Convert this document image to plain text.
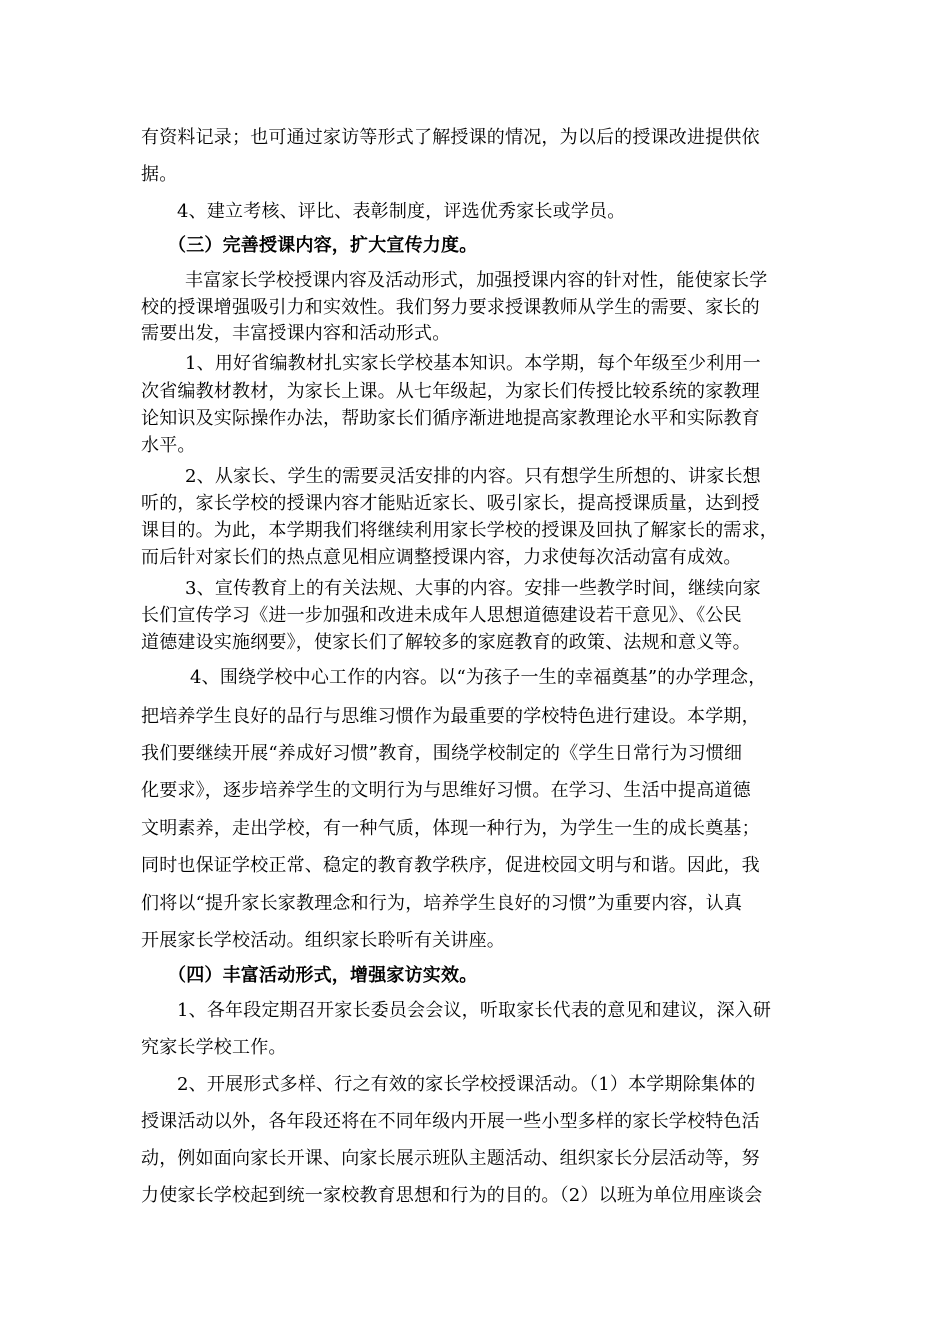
有资料记录；也可通过家访等形式了解授课的情况，为以后的授课改进提供依
据。
4、建立考核、评比、表彰制度，评选优秀家长或学员。
（三）完善授课内容，扩大宣传力度。
丰富家长学校授课内容及活动形式，加强授课内容的针对性，能使家长学
校的授课增强吸引力和实效性。我们努力要求授课教师从学生的需要、家长的
需要出发，丰富授课内容和活动形式。
1、用好省编教材扎实家长学校基本知识。本学期，每个年级至少利用一
次省编教材教材，为家长上课。从七年级起，为家长们传授比较系统的家教理
论知识及实际操作办法，帮助家长们循序渐进地提高家教理论水平和实际教育
水平。
2、从家长、学生的需要灵活安排的内容。只有想学生所想的、讲家长想
听的，家长学校的授课内容才能贴近家长、吸引家长，提高授课质量，达到授
课目的。为此，本学期我们将继续利用家长学校的授课及回执了解家长的需求，
而后针对家长们的热点意见相应调整授课内容，力求使每次活动富有成效。
3、宣传教育上的有关法规、大事的内容。安排一些教学时间，继续向家
长们宣传学习《进一步加强和改进未成年人思想道德建设若干意见》、《公民
道德建设实施纲要》，使家长们了解较多的家庭教育的政策、法规和意义等。
4、围绕学校中心工作的内容。以“为孩子一生的幸福奠基”的办学理念，
把培养学生良好的品行与思维习惯作为最重要的学校特色进行建设。本学期，
我们要继续开展“养成好习惯”教育，围绕学校制定的《学生日常行为习惯细
化要求》，逐步培养学生的文明行为与思维好习惯。在学习、生活中提高道德
文明素养，走出学校，有一种气质，体现一种行为，为学生一生的成长奠基；
同时也保证学校正常、稳定的教育教学秩序，促进校园文明与和谐。因此，我
们将以“提升家长家教理念和行为，培养学生良好的习惯”为重要内容，认真
开展家长学校活动。组织家长聆听有关讲座。
（四）丰富活动形式，增强家访实效。
1、各年段定期召开家长委员会会议，听取家长代表的意见和建议，深入研
究家长学校工作。
2、开展形式多样、行之有效的家长学校授课活动。（1）本学期除集体的
授课活动以外，各年段还将在不同年级内开展一些小型多样的家长学校特色活
动，例如面向家长开课、向家长展示班队主题活动、组织家长分层活动等，努
力使家长学校起到统一家校教育思想和行为的目的。（2）以班为单位用座谈会
